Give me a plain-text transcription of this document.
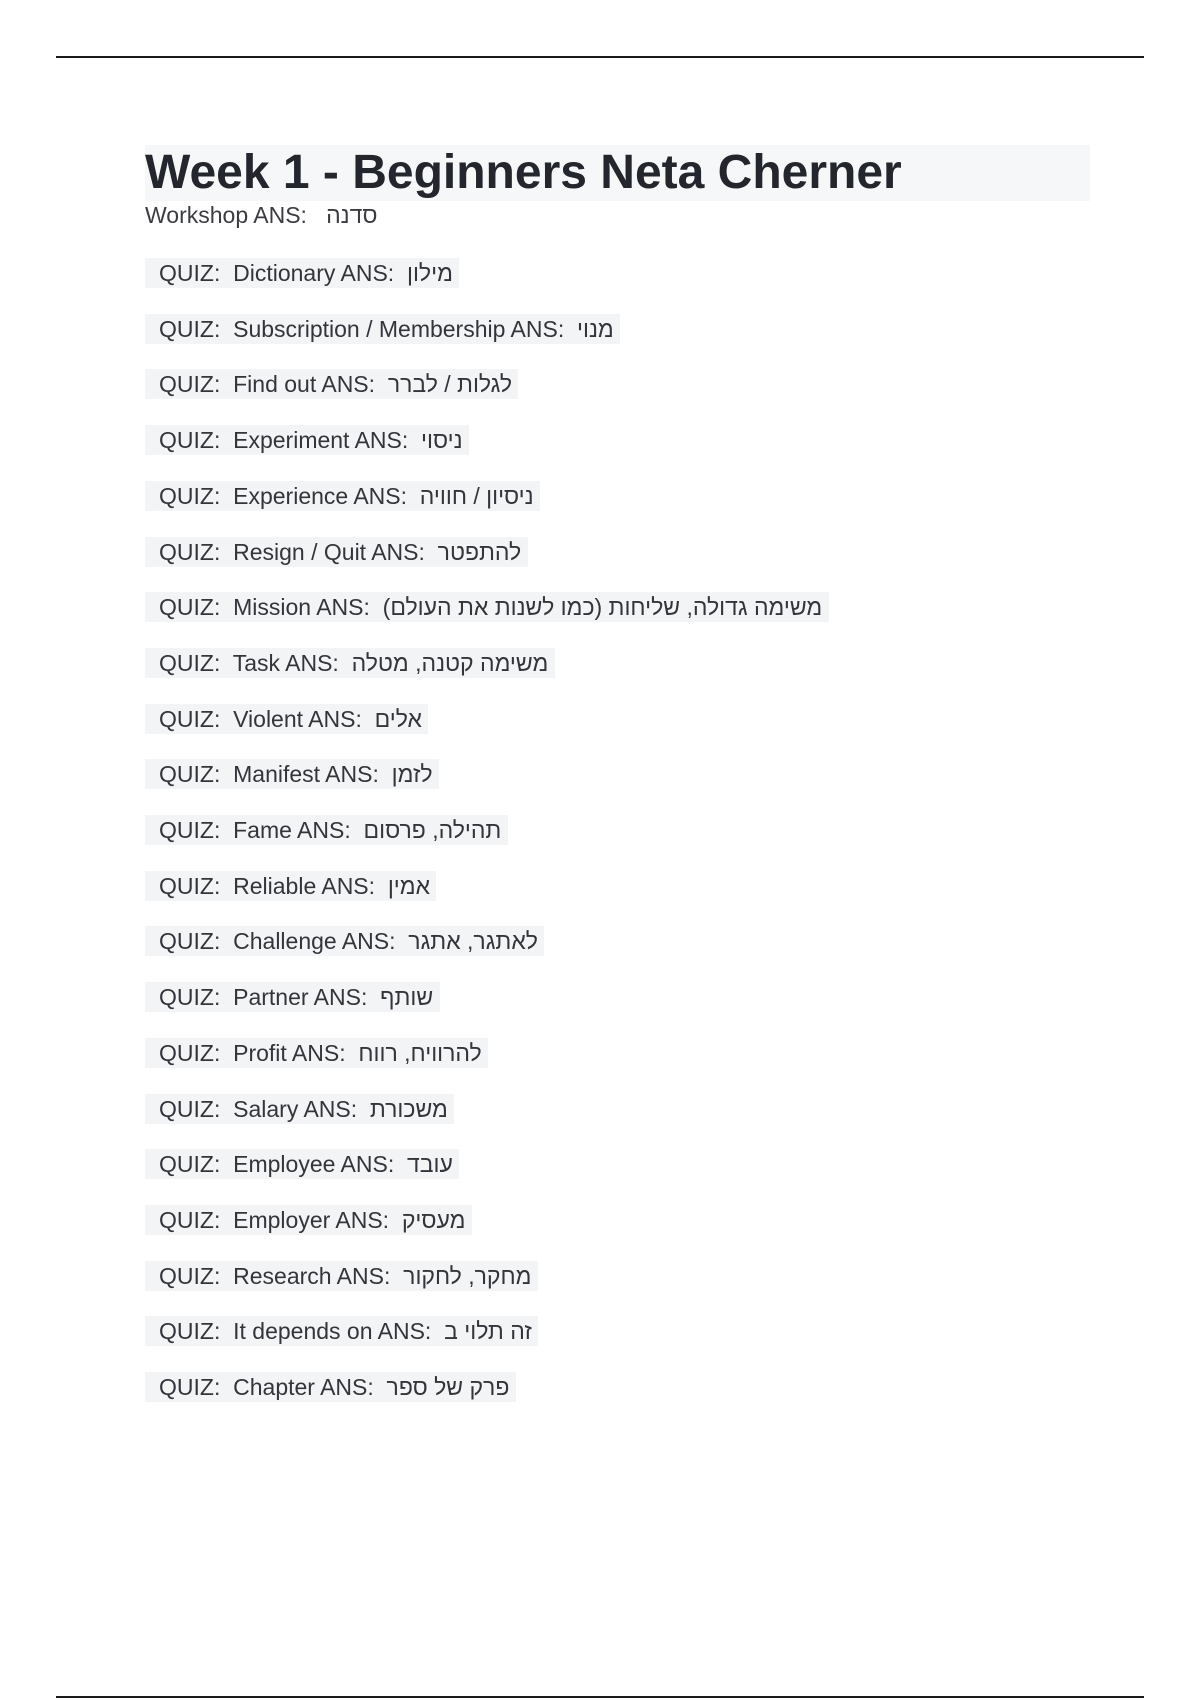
Week 1 - Beginners Neta Cherner

Workshop ANS: סדנה

QUIZ: Dictionary ANS: מילון
QUIZ: Subscription / Membership ANS: מנוי
QUIZ: Find out ANS: לגלות / לברר
QUIZ: Experiment ANS: ניסוי
QUIZ: Experience ANS: ניסיון / חוויה
QUIZ: Resign / Quit ANS: להתפטר
QUIZ: Mission ANS: משימה גדולה, שליחות (כמו לשנות את העולם)
QUIZ: Task ANS: משימה קטנה, מטלה
QUIZ: Violent ANS: אלים
QUIZ: Manifest ANS: לזמן
QUIZ: Fame ANS: תהילה, פרסום
QUIZ: Reliable ANS: אמין
QUIZ: Challenge ANS: לאתגר, אתגר
QUIZ: Partner ANS: שותף
QUIZ: Profit ANS: להרוויח, רווח
QUIZ: Salary ANS: משכורת
QUIZ: Employee ANS: עובד
QUIZ: Employer ANS: מעסיק
QUIZ: Research ANS: מחקר, לחקור
QUIZ: It depends on ANS: זה תלוי ב
QUIZ: Chapter ANS: פרק של ספר
